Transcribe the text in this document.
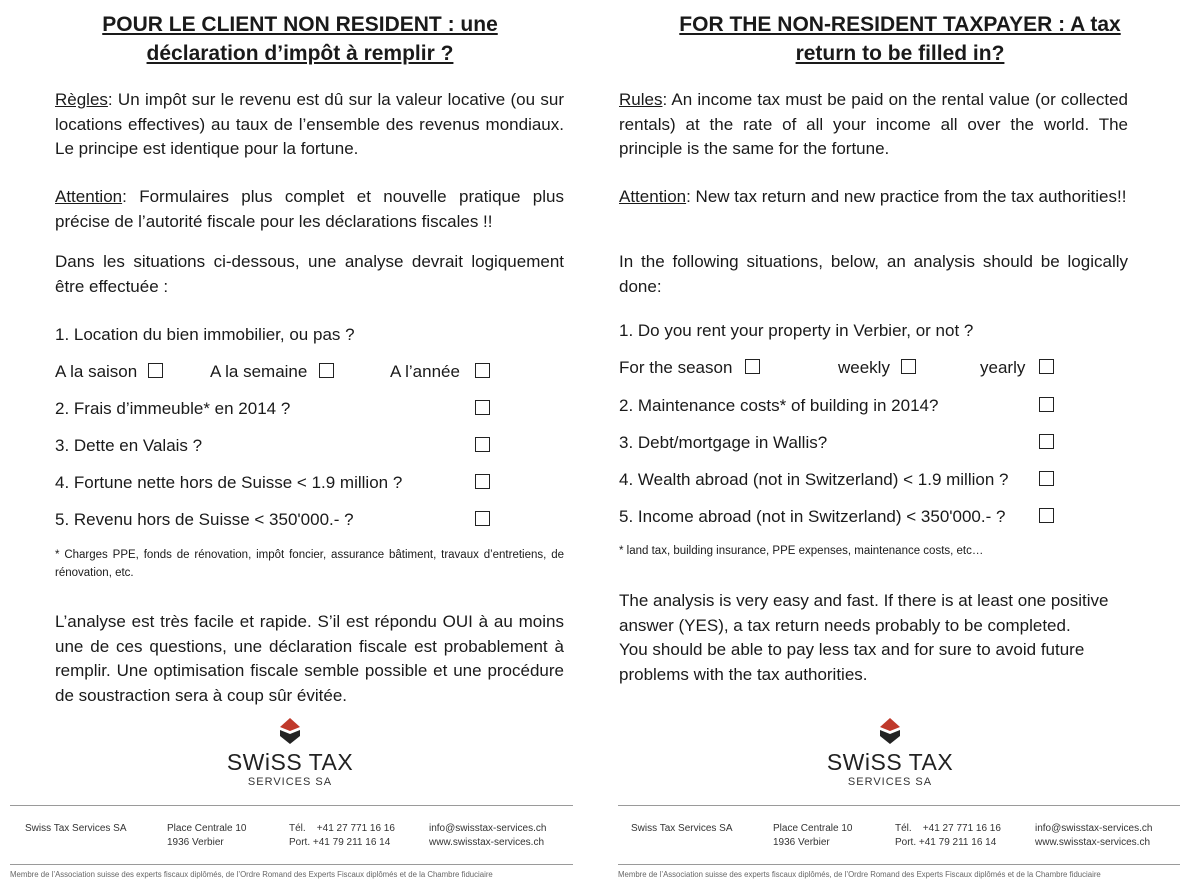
POUR LE CLIENT NON RESIDENT : une
déclaration d’impôt à remplir ?

Règles: Un impôt sur le revenu est dû sur la valeur locative (ou sur locations effectives) au taux de l’ensemble des revenus mondiaux. Le principe est identique pour la fortune.

Attention: Formulaires plus complet et nouvelle pratique plus précise de l’autorité fiscale pour les déclarations fiscales !!

Dans les situations ci-dessous, une analyse devrait logiquement être effectuée :

1. Location du bien immobilier, ou pas ?
A la saison	A la semaine	A l’année
2. Frais d’immeuble* en 2014 ?
3. Dette en Valais ?
4. Fortune nette hors de Suisse < 1.9 million ?
5. Revenu hors de Suisse < 350'000.- ?

* Charges PPE, fonds de rénovation, impôt foncier, assurance bâtiment, travaux d’entretiens, de rénovation, etc.

L’analyse est très facile et rapide. S’il est répondu OUI à au moins une de ces questions, une déclaration fiscale est probablement à remplir. Une optimisation fiscale semble possible et une procédure de soustraction sera à coup sûr évitée.

SWiSS TAX
SERVICES SA
Swiss Tax Services SA	Place Centrale 10
1936 Verbier
Tél. +41 27 771 16 16
Port. +41 79 211 16 14
info@swisstax-services.ch
www.swisstax-services.ch
Membre de l’Association suisse des experts fiscaux diplômés, de l’Ordre Romand des Experts Fiscaux diplômés et de la Chambre fiduciaire
FOR THE NON-RESIDENT TAXPAYER : A tax
return to be filled in?

Rules: An income tax must be paid on the rental value (or collected rentals) at the rate of all your income all over the world. The principle is the same for the fortune.

Attention: New tax return and new practice from the tax authorities!!

In the following situations, below, an analysis should be logically done:

1. Do you rent your property in Verbier, or not ?
For the season	weekly	yearly
2. Maintenance costs* of building in 2014?
3. Debt/mortgage in Wallis?
4. Wealth abroad (not in Switzerland) < 1.9 million ?
5. Income abroad (not in Switzerland) < 350'000.- ?

* land tax, building insurance, PPE expenses, maintenance costs, etc…

The analysis is very easy and fast. If there is at least one positive answer (YES), a tax return needs probably to be completed.
You should be able to pay less tax and for sure to avoid future problems with the tax authorities.

SWiSS TAX
SERVICES SA
Swiss Tax Services SA	Place Centrale 10
1936 Verbier
Tél. +41 27 771 16 16
Port. +41 79 211 16 14
info@swisstax-services.ch
www.swisstax-services.ch
Membre de l’Association suisse des experts fiscaux diplômés, de l’Ordre Romand des Experts Fiscaux diplômés et de la Chambre fiduciaire
